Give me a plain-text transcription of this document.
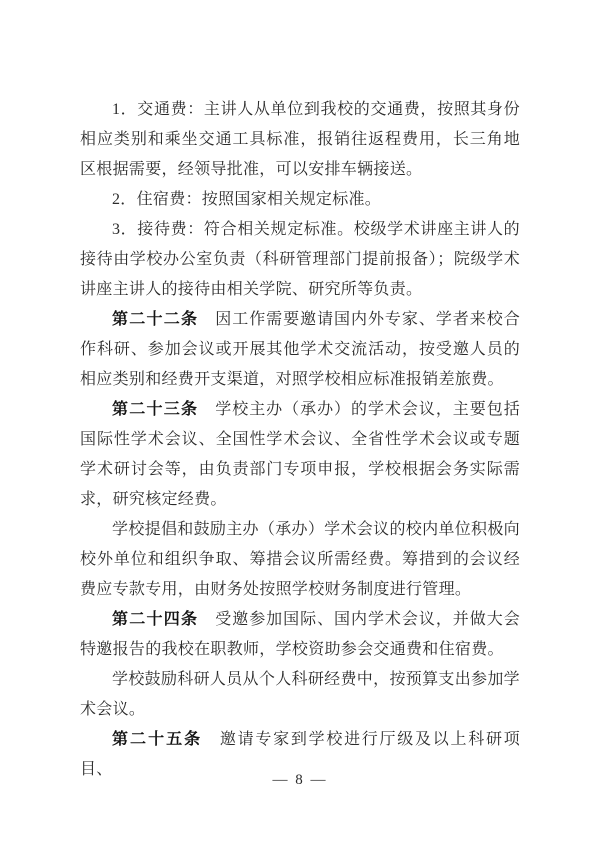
1．交通费：主讲人从单位到我校的交通费，按照其身份相应类别和乘坐交通工具标准，报销往返程费用，长三角地区根据需要，经领导批准，可以安排车辆接送。

2．住宿费：按照国家相关规定标准。

3．接待费：符合相关规定标准。校级学术讲座主讲人的接待由学校办公室负责（科研管理部门提前报备）；院级学术讲座主讲人的接待由相关学院、研究所等负责。

第二十二条　因工作需要邀请国内外专家、学者来校合作科研、参加会议或开展其他学术交流活动，按受邀人员的相应类别和经费开支渠道，对照学校相应标准报销差旅费。

第二十三条　学校主办（承办）的学术会议，主要包括国际性学术会议、全国性学术会议、全省性学术会议或专题学术研讨会等，由负责部门专项申报，学校根据会务实际需求，研究核定经费。

学校提倡和鼓励主办（承办）学术会议的校内单位积极向校外单位和组织争取、筹措会议所需经费。筹措到的会议经费应专款专用，由财务处按照学校财务制度进行管理。

第二十四条　受邀参加国际、国内学术会议，并做大会特邀报告的我校在职教师，学校资助参会交通费和住宿费。

学校鼓励科研人员从个人科研经费中，按预算支出参加学术会议。

第二十五条　邀请专家到学校进行厅级及以上科研项目、

— 8 —
